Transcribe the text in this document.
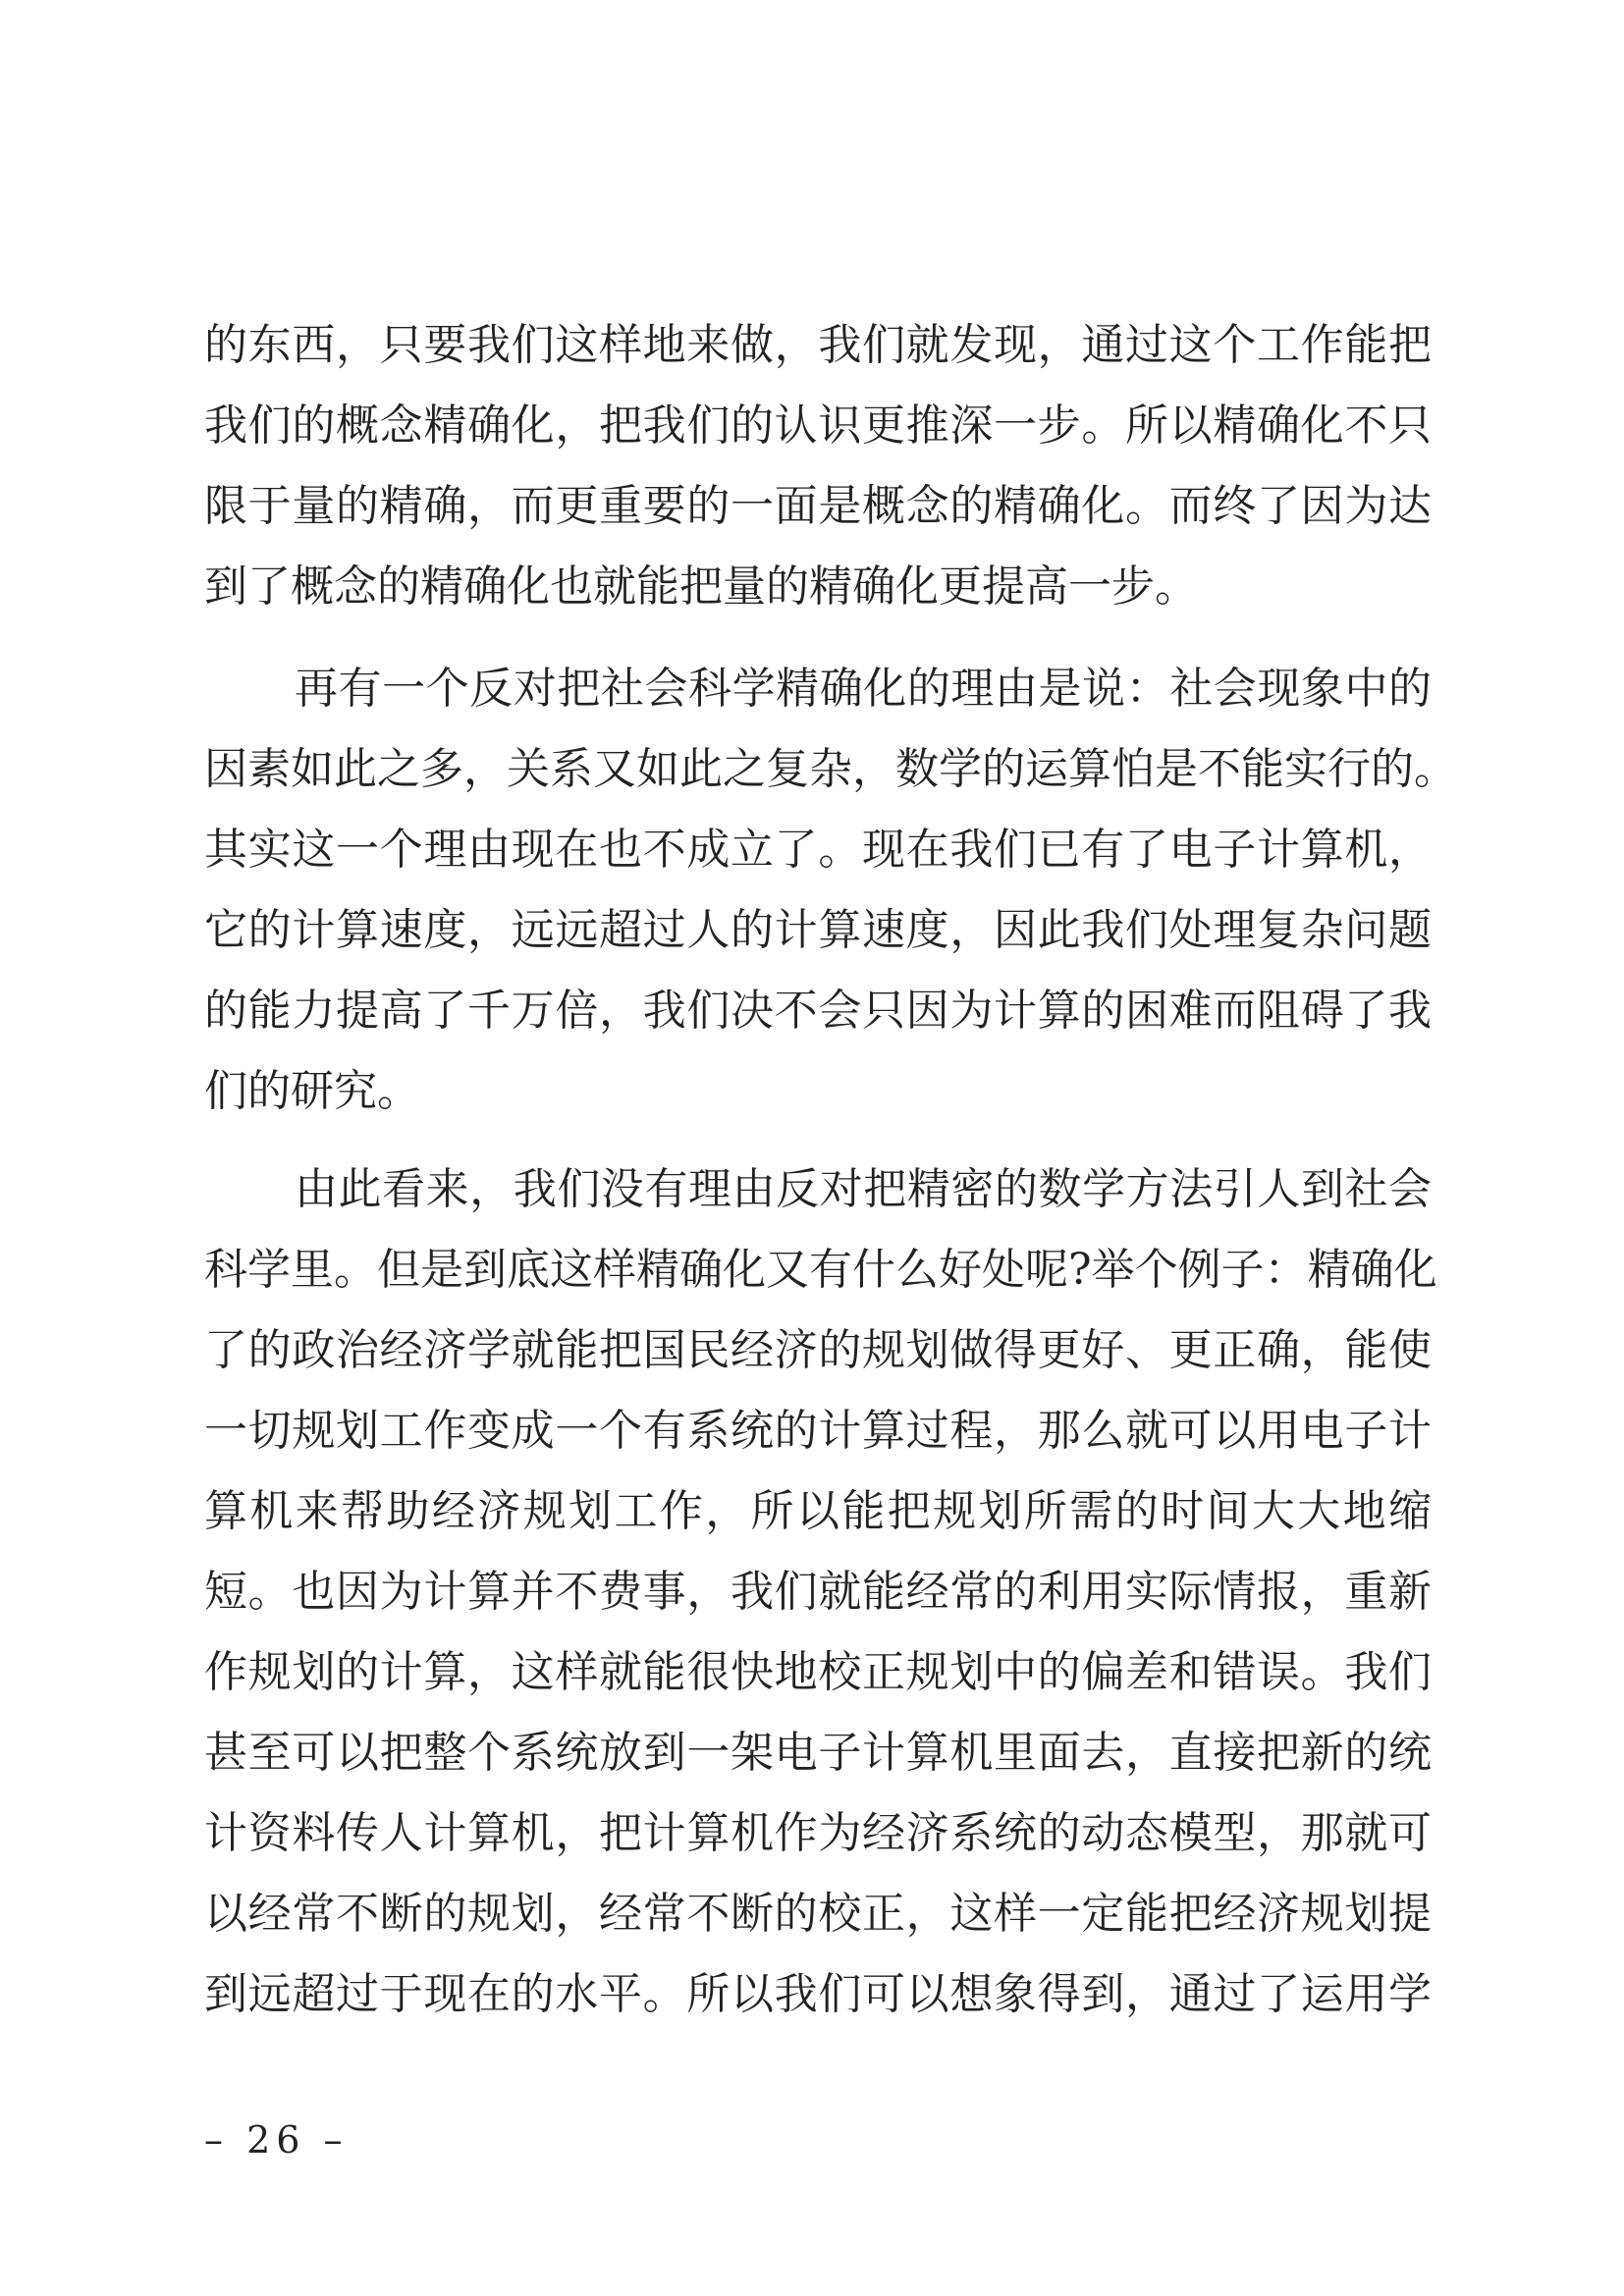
的东西，只要我们这样地来做，我们就发现，通过这个工作能把
我们的概念精确化，把我们的认识更推深一步。所以精确化不只
限于量的精确，而更重要的一面是概念的精确化。而终了因为达
到了概念的精确化也就能把量的精确化更提高一步。
再有一个反对把社会科学精确化的理由是说：社会现象中的
因素如此之多，关系又如此之复杂，数学的运算怕是不能实行的。
其实这一个理由现在也不成立了。现在我们已有了电子计算机，
它的计算速度，远远超过人的计算速度，因此我们处理复杂问题
的能力提高了千万倍，我们决不会只因为计算的困难而阻碍了我
们的研究。
由此看来，我们没有理由反对把精密的数学方法引人到社会
科学里。但是到底这样精确化又有什么好处呢?举个例子：精确化
了的政治经济学就能把国民经济的规划做得更好、更正确，能使
一切规划工作变成一个有系统的计算过程，那么就可以用电子计
算机来帮助经济规划工作，所以能把规划所需的时间大大地缩
短。也因为计算并不费事，我们就能经常的利用实际情报，重新
作规划的计算，这样就能很快地校正规划中的偏差和错误。我们
甚至可以把整个系统放到一架电子计算机里面去，直接把新的统
计资料传人计算机，把计算机作为经济系统的动态模型，那就可
以经常不断的规划，经常不断的校正，这样一定能把经济规划提
到远超过于现在的水平。所以我们可以想象得到，通过了运用学
– 26 –
